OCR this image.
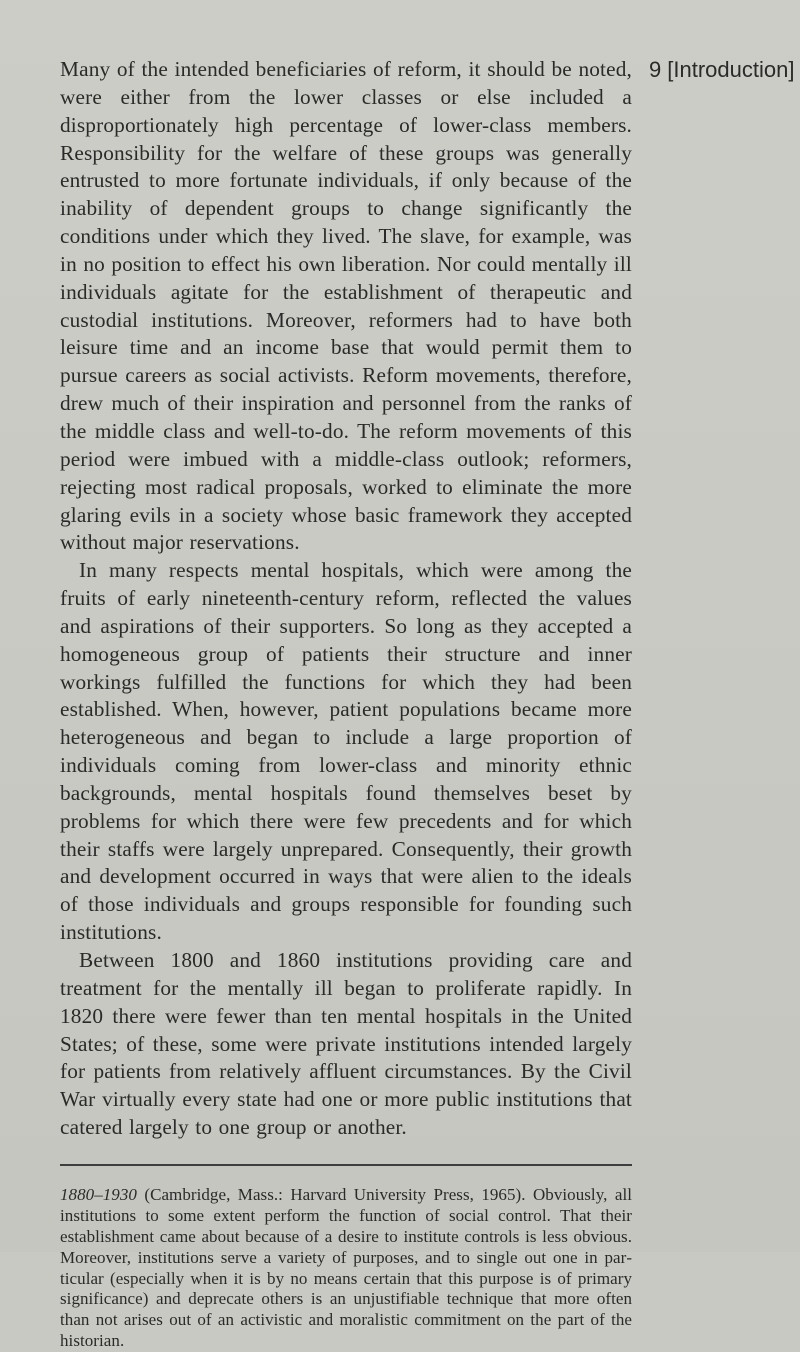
Many of the intended beneficiaries of reform, it should be noted, were either from the lower classes or else included a disproportionately high percentage of lower-class members. Responsibility for the welfare of these groups was generally entrusted to more fortunate individuals, if only because of the inability of dependent groups to change significantly the conditions under which they lived. The slave, for example, was in no position to effect his own liberation. Nor could mentally ill individuals agitate for the establishment of therapeutic and custodial institutions. Moreover, reformers had to have both leisure time and an income base that would permit them to pursue careers as social activists. Reform movements, therefore, drew much of their inspiration and personnel from the ranks of the middle class and well-to-do. The reform movements of this period were imbued with a middle-class outlook; reformers, rejecting most radical proposals, worked to eliminate the more glaring evils in a society whose basic framework they accepted without major reservations.

In many respects mental hospitals, which were among the fruits of early nineteenth-century reform, reflected the values and aspirations of their supporters. So long as they accepted a homogeneous group of patients their structure and inner workings fulfilled the functions for which they had been established. When, however, patient populations became more heterogeneous and began to include a large proportion of individuals coming from lower-class and minority ethnic backgrounds, mental hospitals found themselves beset by problems for which there were few precedents and for which their staffs were largely unprepared. Consequently, their growth and development occurred in ways that were alien to the ideals of those individuals and groups responsible for founding such institutions.

Between 1800 and 1860 institutions providing care and treatment for the mentally ill began to proliferate rapidly. In 1820 there were fewer than ten mental hospitals in the United States; of these, some were private institutions intended largely for patients from relatively affluent circumstances. By the Civil War virtually every state had one or more public institutions that catered largely to one group or another.

1880–1930 (Cambridge, Mass.: Harvard University Press, 1965). Obviously, all institutions to some extent perform the function of social control. That their establishment came about because of a desire to institute controls is less obvious. Moreover, institutions serve a variety of purposes, and to single out one in particular (especially when it is by no means certain that this purpose is of primary significance) and deprecate others is an unjustifiable technique that more often than not arises out of an activistic and moralistic commitment on the part of the historian.

9 [Introduction]
